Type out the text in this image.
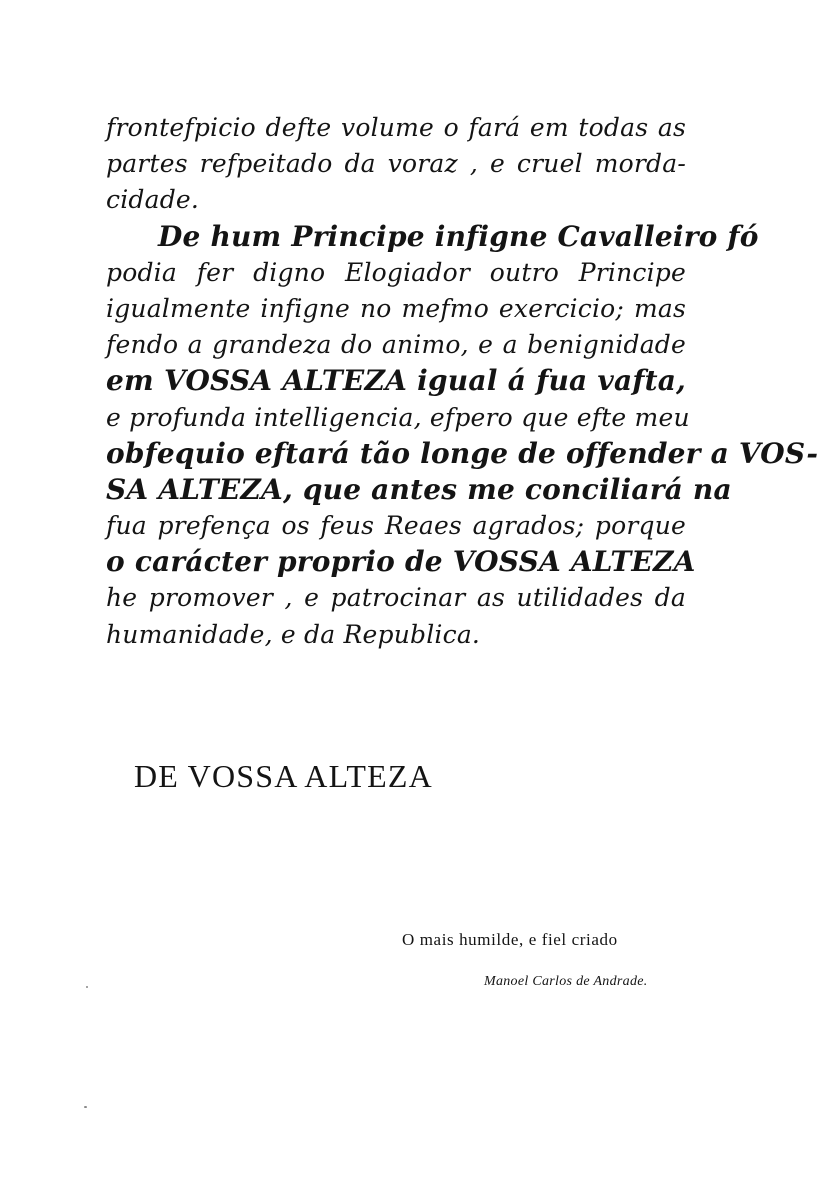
frontefpicio defte volume o fará em todas as
partes refpeitado da voraz , e cruel morda-
cidade.
De hum Principe infigne Cavalleiro fó
podia fer digno Elogiador outro Principe
igualmente infigne no mefmo exercicio; mas
fendo a grandeza do animo, e a benignidade
em VOSSA ALTEZA igual á fua vafta,
e profunda intelligencia, efpero que efte meu
obfequio eftará tão longe de offender a VOS-
SA ALTEZA, que antes me conciliará na
fua prefença os feus Reaes agrados; porque
o carácter proprio de VOSSA ALTEZA
he promover , e patrocinar as utilidades da
humanidade, e da Republica.
DE VOSSA ALTEZA
O mais humilde, e fiel criado
Manoel Carlos de Andrade.
